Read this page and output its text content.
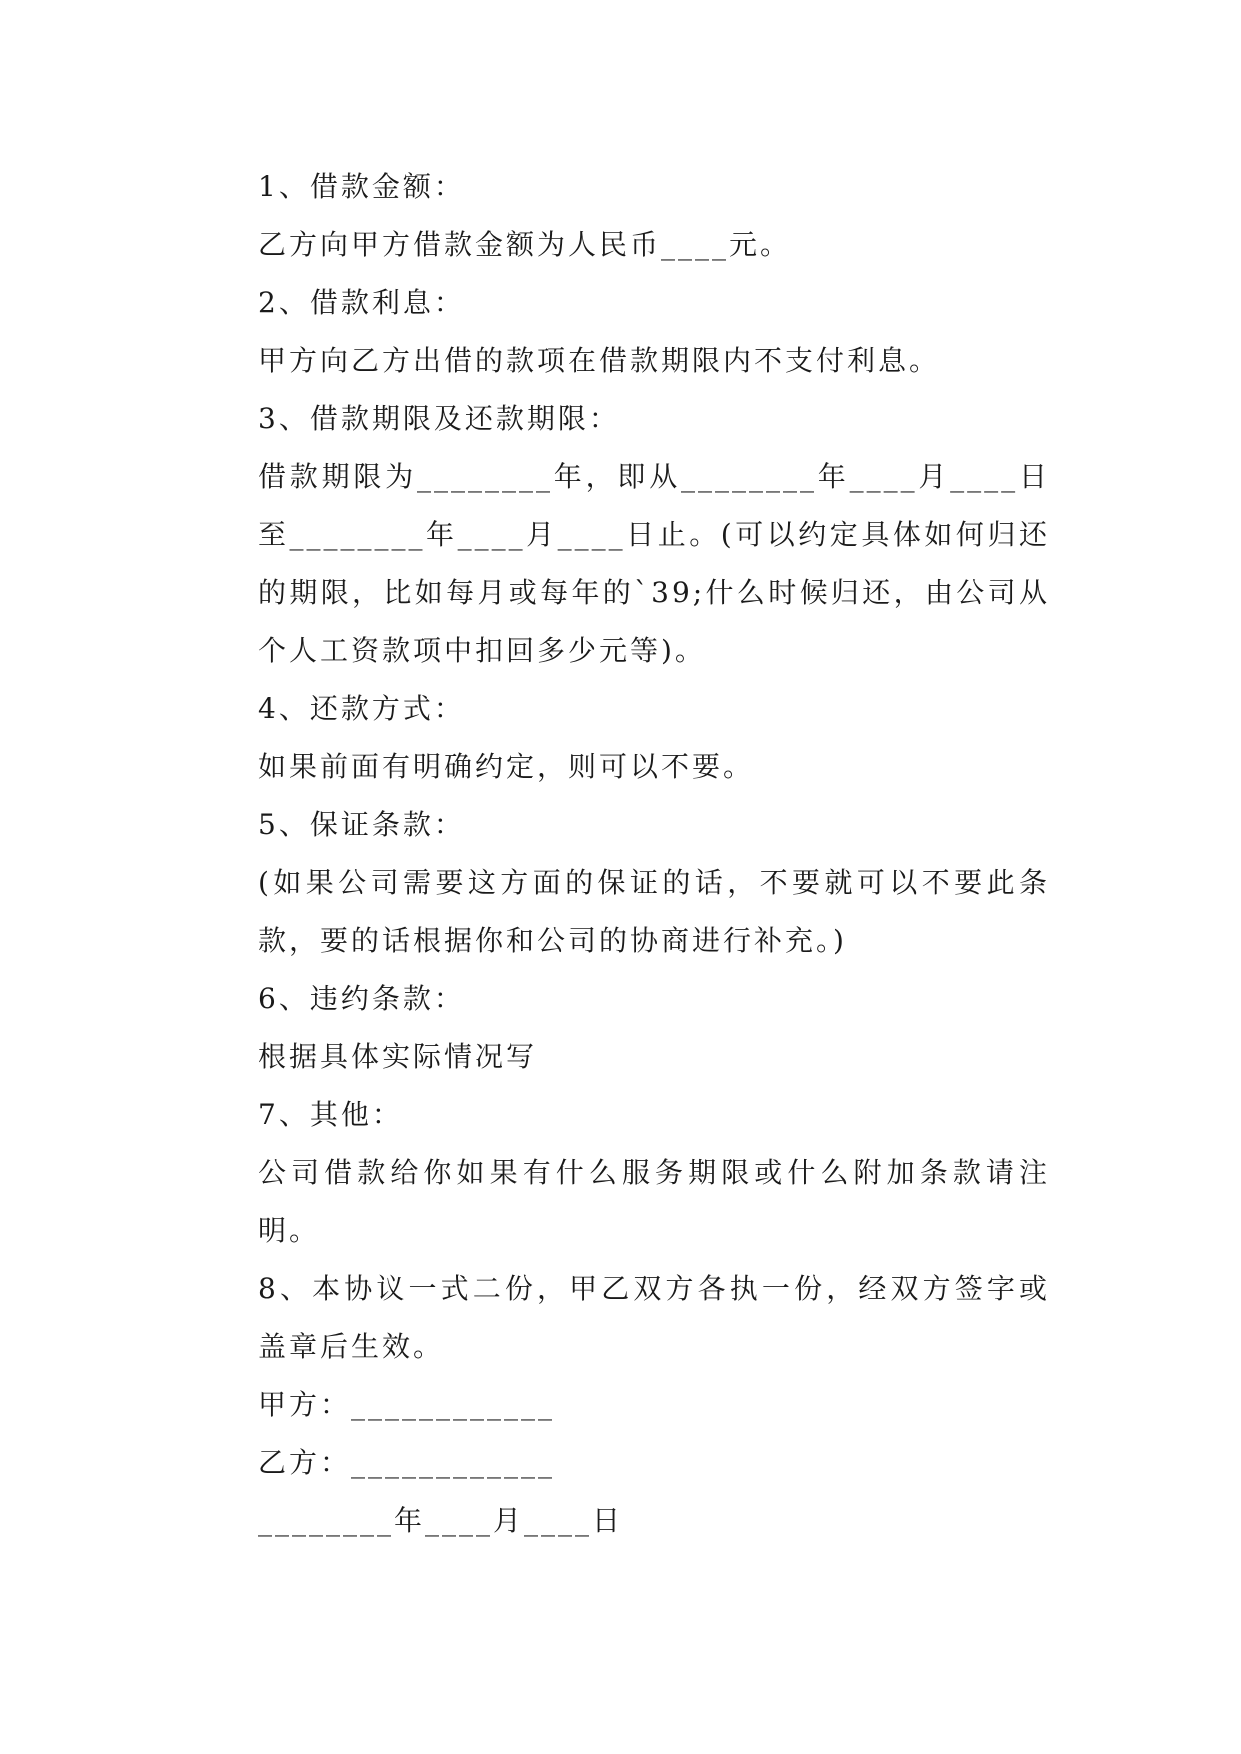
1、借款金额：

乙方向甲方借款金额为人民币____元。

2、借款利息：

甲方向乙方出借的款项在借款期限内不支付利息。

3、借款期限及还款期限：

借款期限为________年，即从________年____月____日至________年____月____日止。(可以约定具体如何归还的期限，比如每月或每年的`39;什么时候归还，由公司从个人工资款项中扣回多少元等)。

4、还款方式：

如果前面有明确约定，则可以不要。

5、保证条款：

(如果公司需要这方面的保证的话，不要就可以不要此条款，要的话根据你和公司的协商进行补充。)

6、违约条款：

根据具体实际情况写

7、其他：

公司借款给你如果有什么服务期限或什么附加条款请注明。

8、本协议一式二份，甲乙双方各执一份，经双方签字或盖章后生效。

甲方：____________

乙方：____________

________年____月____日
